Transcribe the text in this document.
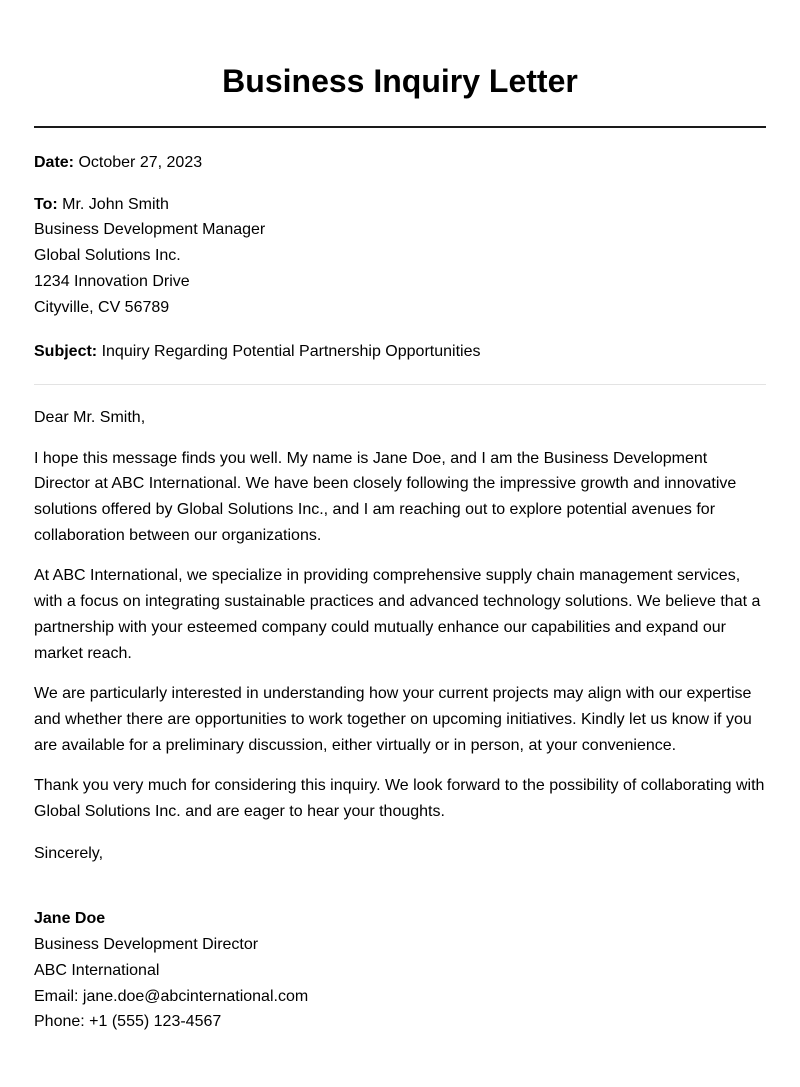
Business Inquiry Letter

Date: October 27, 2023

To: Mr. John Smith

Business Development Manager

Global Solutions Inc.

1234 Innovation Drive

Cityville, CV 56789

Subject: Inquiry Regarding Potential Partnership Opportunities

Dear Mr. Smith,

I hope this message finds you well. My name is Jane Doe, and I am the Business Development Director at ABC International. We have been closely following the impressive growth and innovative solutions offered by Global Solutions Inc., and I am reaching out to explore potential avenues for collaboration between our organizations.

At ABC International, we specialize in providing comprehensive supply chain management services, with a focus on integrating sustainable practices and advanced technology solutions. We believe that a partnership with your esteemed company could mutually enhance our capabilities and expand our market reach.

We are particularly interested in understanding how your current projects may align with our expertise and whether there are opportunities to work together on upcoming initiatives. Kindly let us know if you are available for a preliminary discussion, either virtually or in person, at your convenience.

Thank you very much for considering this inquiry. We look forward to the possibility of collaborating with Global Solutions Inc. and are eager to hear your thoughts.

Sincerely,

Jane Doe

Business Development Director

ABC International

Email: jane.doe@abcinternational.com

Phone: +1 (555) 123-4567
